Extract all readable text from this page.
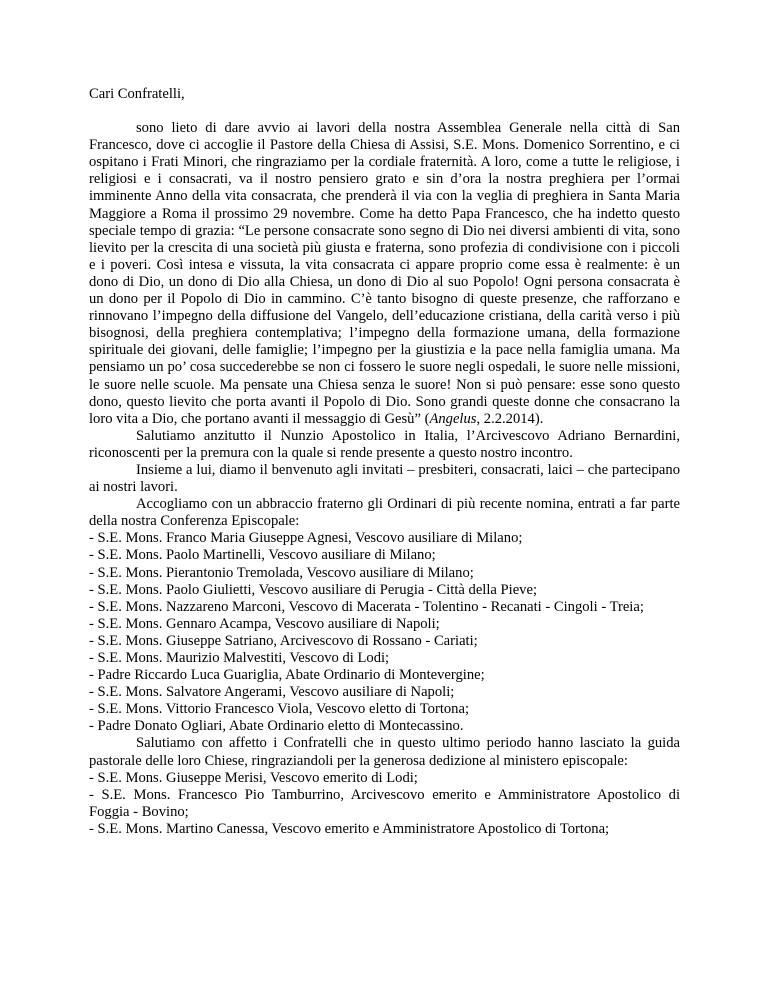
Cari Confratelli,

sono lieto di dare avvio ai lavori della nostra Assemblea Generale nella città di San Francesco, dove ci accoglie il Pastore della Chiesa di Assisi, S.E. Mons. Domenico Sorrentino, e ci ospitano i Frati Minori, che ringraziamo per la cordiale fraternità. A loro, come a tutte le religiose, i religiosi e i consacrati, va il nostro pensiero grato e sin d’ora la nostra preghiera per l’ormai imminente Anno della vita consacrata, che prenderà il via con la veglia di preghiera in Santa Maria Maggiore a Roma il prossimo 29 novembre. Come ha detto Papa Francesco, che ha indetto questo speciale tempo di grazia: “Le persone consacrate sono segno di Dio nei diversi ambienti di vita, sono lievito per la crescita di una società più giusta e fraterna, sono profezia di condivisione con i piccoli e i poveri. Così intesa e vissuta, la vita consacrata ci appare proprio come essa è realmente: è un dono di Dio, un dono di Dio alla Chiesa, un dono di Dio al suo Popolo! Ogni persona consacrata è un dono per il Popolo di Dio in cammino. C’è tanto bisogno di queste presenze, che rafforzano e rinnovano l’impegno della diffusione del Vangelo, dell’educazione cristiana, della carità verso i più bisognosi, della preghiera contemplativa; l’impegno della formazione umana, della formazione spirituale dei giovani, delle famiglie; l’impegno per la giustizia e la pace nella famiglia umana. Ma pensiamo un po’ cosa succederebbe se non ci fossero le suore negli ospedali, le suore nelle missioni, le suore nelle scuole. Ma pensate una Chiesa senza le suore! Non si può pensare: esse sono questo dono, questo lievito che porta avanti il Popolo di Dio. Sono grandi queste donne che consacrano la loro vita a Dio, che portano avanti il messaggio di Gesù” (Angelus, 2.2.2014).

Salutiamo anzitutto il Nunzio Apostolico in Italia, l’Arcivescovo Adriano Bernardini, riconoscenti per la premura con la quale si rende presente a questo nostro incontro.

Insieme a lui, diamo il benvenuto agli invitati – presbiteri, consacrati, laici – che partecipano ai nostri lavori.

Accogliamo con un abbraccio fraterno gli Ordinari di più recente nomina, entrati a far parte della nostra Conferenza Episcopale:

- S.E. Mons. Franco Maria Giuseppe Agnesi, Vescovo ausiliare di Milano;

- S.E. Mons. Paolo Martinelli, Vescovo ausiliare di Milano;

- S.E. Mons. Pierantonio Tremolada, Vescovo ausiliare di Milano;

- S.E. Mons. Paolo Giulietti, Vescovo ausiliare di Perugia - Città della Pieve;

- S.E. Mons. Nazzareno Marconi, Vescovo di Macerata - Tolentino - Recanati - Cingoli - Treia;

- S.E. Mons. Gennaro Acampa, Vescovo ausiliare di Napoli;

- S.E. Mons. Giuseppe Satriano, Arcivescovo di Rossano - Cariati;

- S.E. Mons. Maurizio Malvestiti, Vescovo di Lodi;

- Padre Riccardo Luca Guariglia, Abate Ordinario di Montevergine;

- S.E. Mons. Salvatore Angerami, Vescovo ausiliare di Napoli;

- S.E. Mons. Vittorio Francesco Viola, Vescovo eletto di Tortona;

- Padre Donato Ogliari, Abate Ordinario eletto di Montecassino.

Salutiamo con affetto i Confratelli che in questo ultimo periodo hanno lasciato la guida pastorale delle loro Chiese, ringraziandoli per la generosa dedizione al ministero episcopale:

- S.E. Mons. Giuseppe Merisi, Vescovo emerito di Lodi;

- S.E. Mons. Francesco Pio Tamburrino, Arcivescovo emerito e Amministratore Apostolico di Foggia - Bovino;

- S.E. Mons. Martino Canessa, Vescovo emerito e Amministratore Apostolico di Tortona;
